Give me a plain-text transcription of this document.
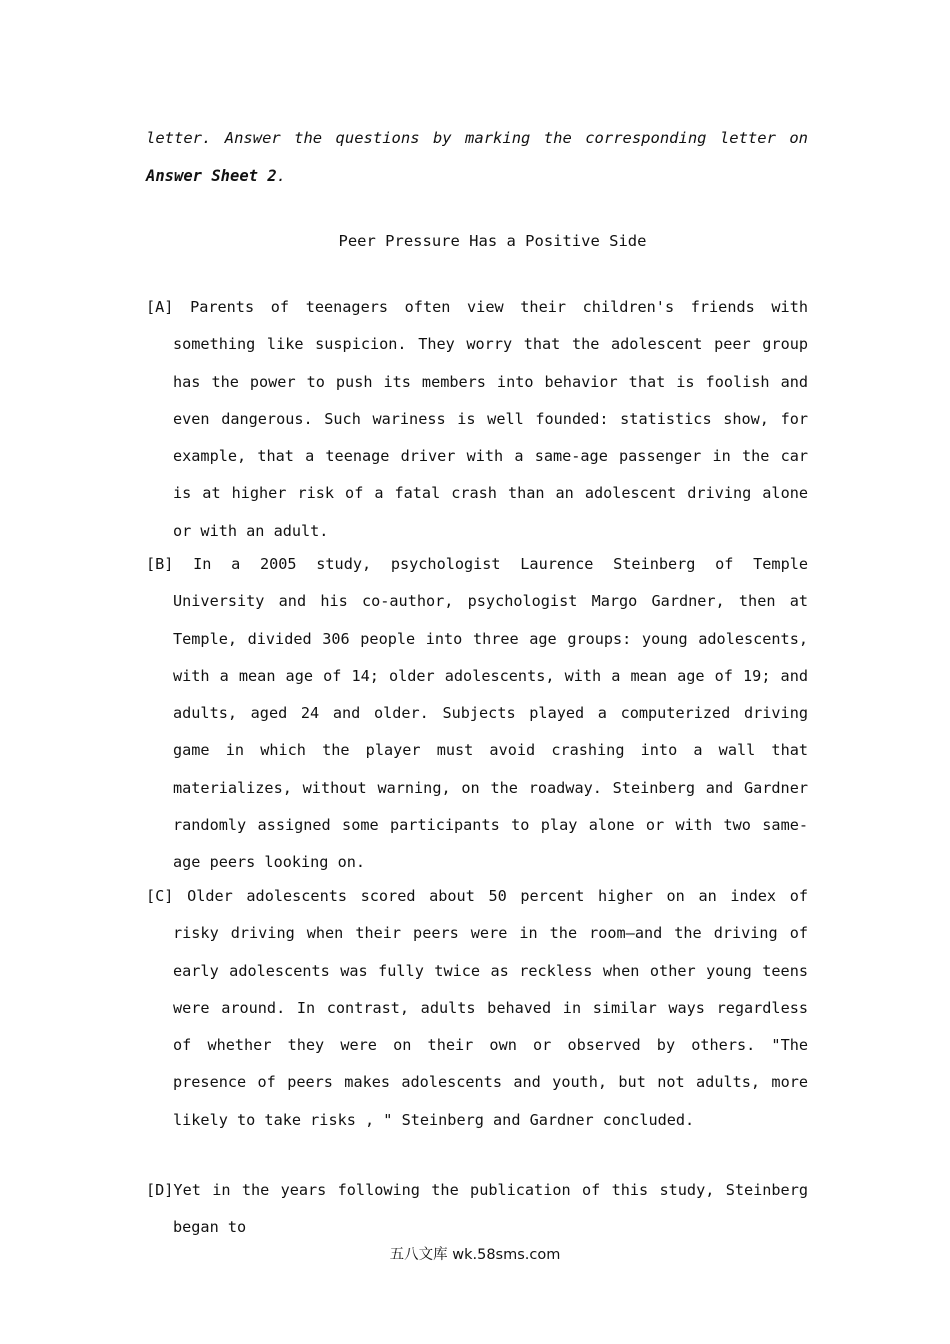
letter. Answer the questions by marking the corresponding letter on Answer Sheet 2.
Peer Pressure Has a Positive Side
[A] Parents of teenagers often view their children's friends with something like suspicion. They worry that the adolescent peer group has the power to push its members into behavior that is foolish and even dangerous. Such wariness is well founded: statistics show, for example, that a teenage driver with a same-age passenger in the car is at higher risk of a fatal crash than an adolescent driving alone or with an adult.
[B] In a 2005 study, psychologist Laurence Steinberg of Temple University and his co-author, psychologist Margo Gardner, then at Temple, divided 306 people into three age groups: young adolescents, with a mean age of 14; older adolescents, with a mean age of 19; and adults, aged 24 and older. Subjects played a computerized driving game in which the player must avoid crashing into a wall that materializes, without warning, on the roadway. Steinberg and Gardner randomly assigned some participants to play alone or with two same-age peers looking on.
[C] Older adolescents scored about 50 percent higher on an index of risky driving when their peers were in the room—and the driving of early adolescents was fully twice as reckless when other young teens were around. In contrast, adults behaved in similar ways regardless of whether they were on their own or observed by others. "The presence of peers makes adolescents and youth, but not adults, more likely to take risks , " Steinberg and Gardner concluded.
[D]Yet in the years following the publication of this study, Steinberg began to
五八文库 wk.58sms.com
